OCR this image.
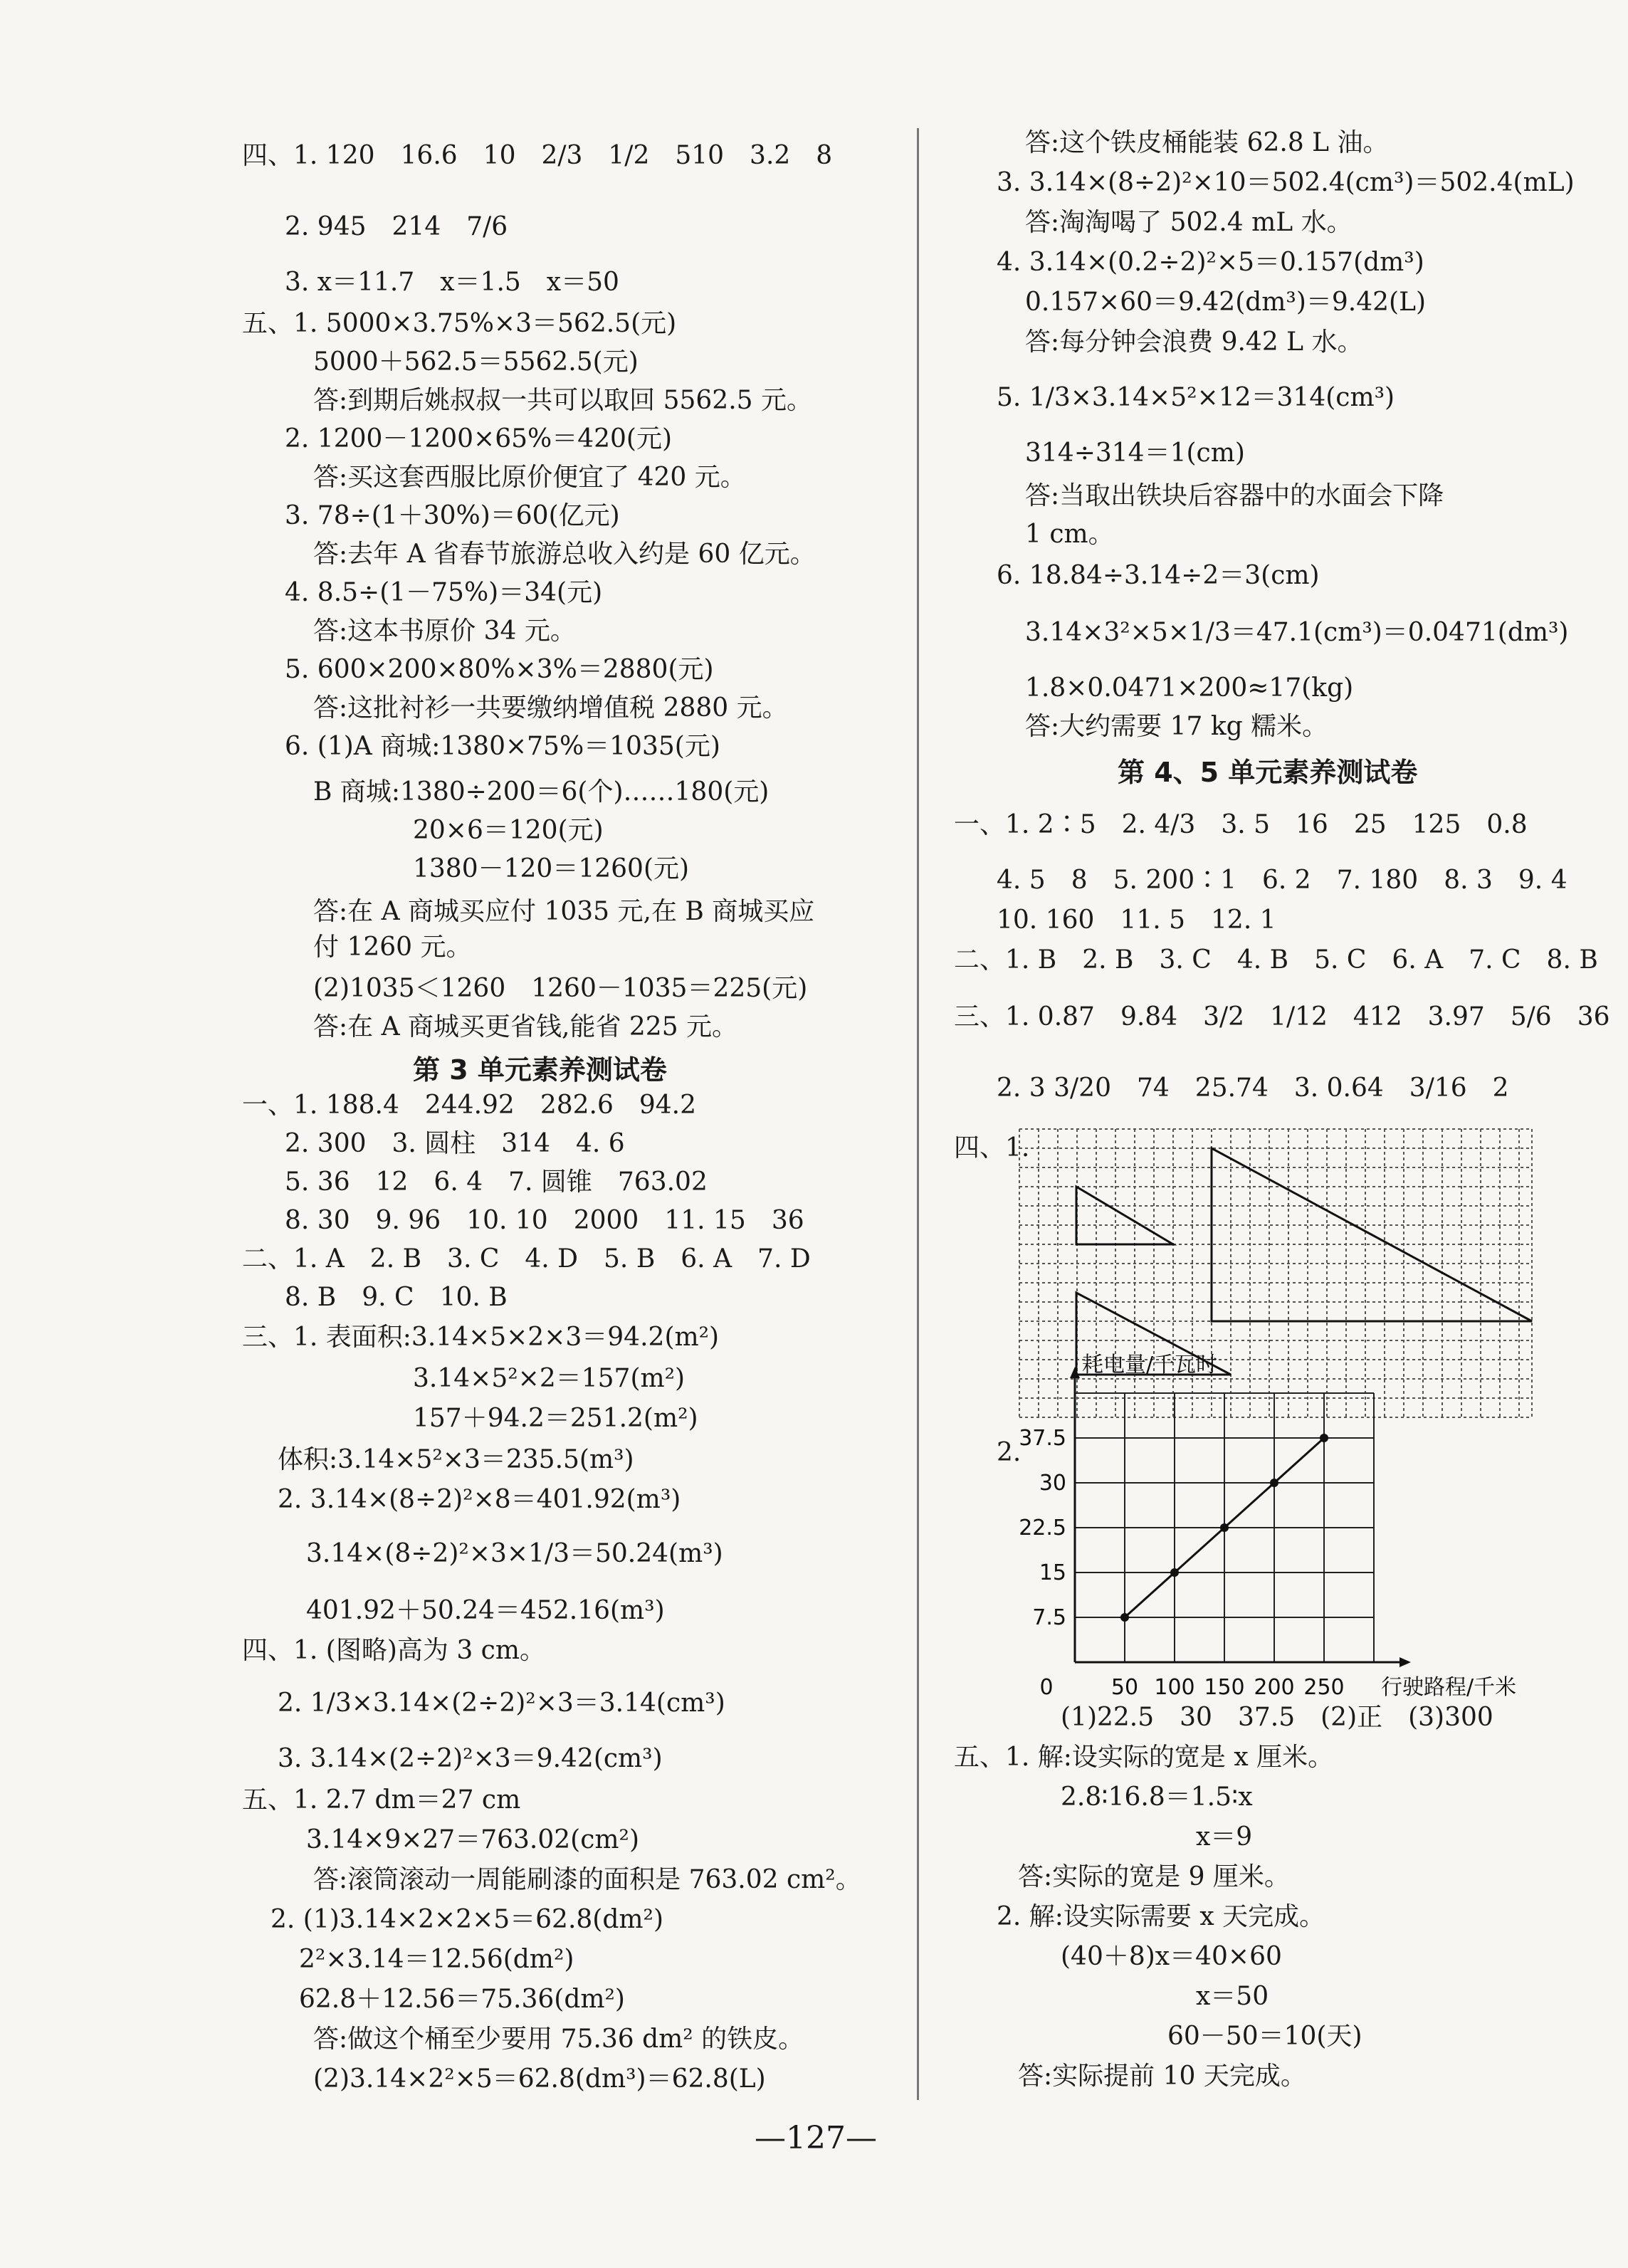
四、1. 120　16.6　10　2/3　1/2　510　3.2　8
2. 945　214　7/6
3. x＝11.7　x＝1.5　x＝50
五、1. 5000×3.75%×3＝562.5(元)
5000＋562.5＝5562.5(元)
答:到期后姚叔叔一共可以取回 5562.5 元。
2. 1200－1200×65%＝420(元)
答:买这套西服比原价便宜了 420 元。
3. 78÷(1＋30%)＝60(亿元)
答:去年 A 省春节旅游总收入约是 60 亿元。
4. 8.5÷(1－75%)＝34(元)
答:这本书原价 34 元。
5. 600×200×80%×3%＝2880(元)
答:这批衬衫一共要缴纳增值税 2880 元。
6. (1)A 商城:1380×75%＝1035(元)
B 商城:1380÷200＝6(个)……180(元)
20×6＝120(元)
1380－120＝1260(元)
答:在 A 商城买应付 1035 元,在 B 商城买应
付 1260 元。
(2)1035＜1260　1260－1035＝225(元)
答:在 A 商城买更省钱,能省 225 元。
第 3 单元素养测试卷
一、1. 188.4　244.92　282.6　94.2
2. 300　3. 圆柱　314　4. 6
5. 36　12　6. 4　7. 圆锥　763.02
8. 30　9. 96　10. 10　2000　11. 15　36
二、1. A　2. B　3. C　4. D　5. B　6. A　7. D
8. B　9. C　10. B
三、1. 表面积:3.14×5×2×3＝94.2(m²)
3.14×5²×2＝157(m²)
157＋94.2＝251.2(m²)
体积:3.14×5²×3＝235.5(m³)
2. 3.14×(8÷2)²×8＝401.92(m³)
3.14×(8÷2)²×3×1/3＝50.24(m³)
401.92＋50.24＝452.16(m³)
四、1. (图略)高为 3 cm。
2. 1/3×3.14×(2÷2)²×3＝3.14(cm³)
3. 3.14×(2÷2)²×3＝9.42(cm³)
五、1. 2.7 dm＝27 cm
3.14×9×27＝763.02(cm²)
答:滚筒滚动一周能刷漆的面积是 763.02 cm²。
2. (1)3.14×2×2×5＝62.8(dm²)
2²×3.14＝12.56(dm²)
62.8＋12.56＝75.36(dm²)
答:做这个桶至少要用 75.36 dm² 的铁皮。
(2)3.14×2²×5＝62.8(dm³)＝62.8(L)
答:这个铁皮桶能装 62.8 L 油。
3. 3.14×(8÷2)²×10＝502.4(cm³)＝502.4(mL)
答:淘淘喝了 502.4 mL 水。
4. 3.14×(0.2÷2)²×5＝0.157(dm³)
0.157×60＝9.42(dm³)＝9.42(L)
答:每分钟会浪费 9.42 L 水。
5. 1/3×3.14×5²×12＝314(cm³)
314÷314＝1(cm)
答:当取出铁块后容器中的水面会下降
1 cm。
6. 18.84÷3.14÷2＝3(cm)
3.14×3²×5×1/3＝47.1(cm³)＝0.0471(dm³)
1.8×0.0471×200≈17(kg)
答:大约需要 17 kg 糯米。
第 4、5 单元素养测试卷
一、1. 2∶5　2. 4/3　3. 5　16　25　125　0.8
4. 5　8　5. 200∶1　6. 2　7. 180　8. 3　9. 4
10. 160　11. 5　12. 1
二、1. B　2. B　3. C　4. B　5. C　6. A　7. C　8. B
三、1. 0.87　9.84　3/2　1/12　412　3.97　5/6　36
2. 3 3/20　74　25.74　3. 0.64　3/16　2
四、1.
2.
50 100 150 200 250
7.5
15
22.5
30
37.5
0
耗电量/千瓦时
行驶路程/千米
(1)22.5　30　37.5　(2)正　(3)300
五、1. 解:设实际的宽是 x 厘米。
2.8∶16.8＝1.5∶x
x＝9
答:实际的宽是 9 厘米。
2. 解:设实际需要 x 天完成。
(40＋8)x＝40×60
x＝50
60－50＝10(天)
答:实际提前 10 天完成。
—127—
